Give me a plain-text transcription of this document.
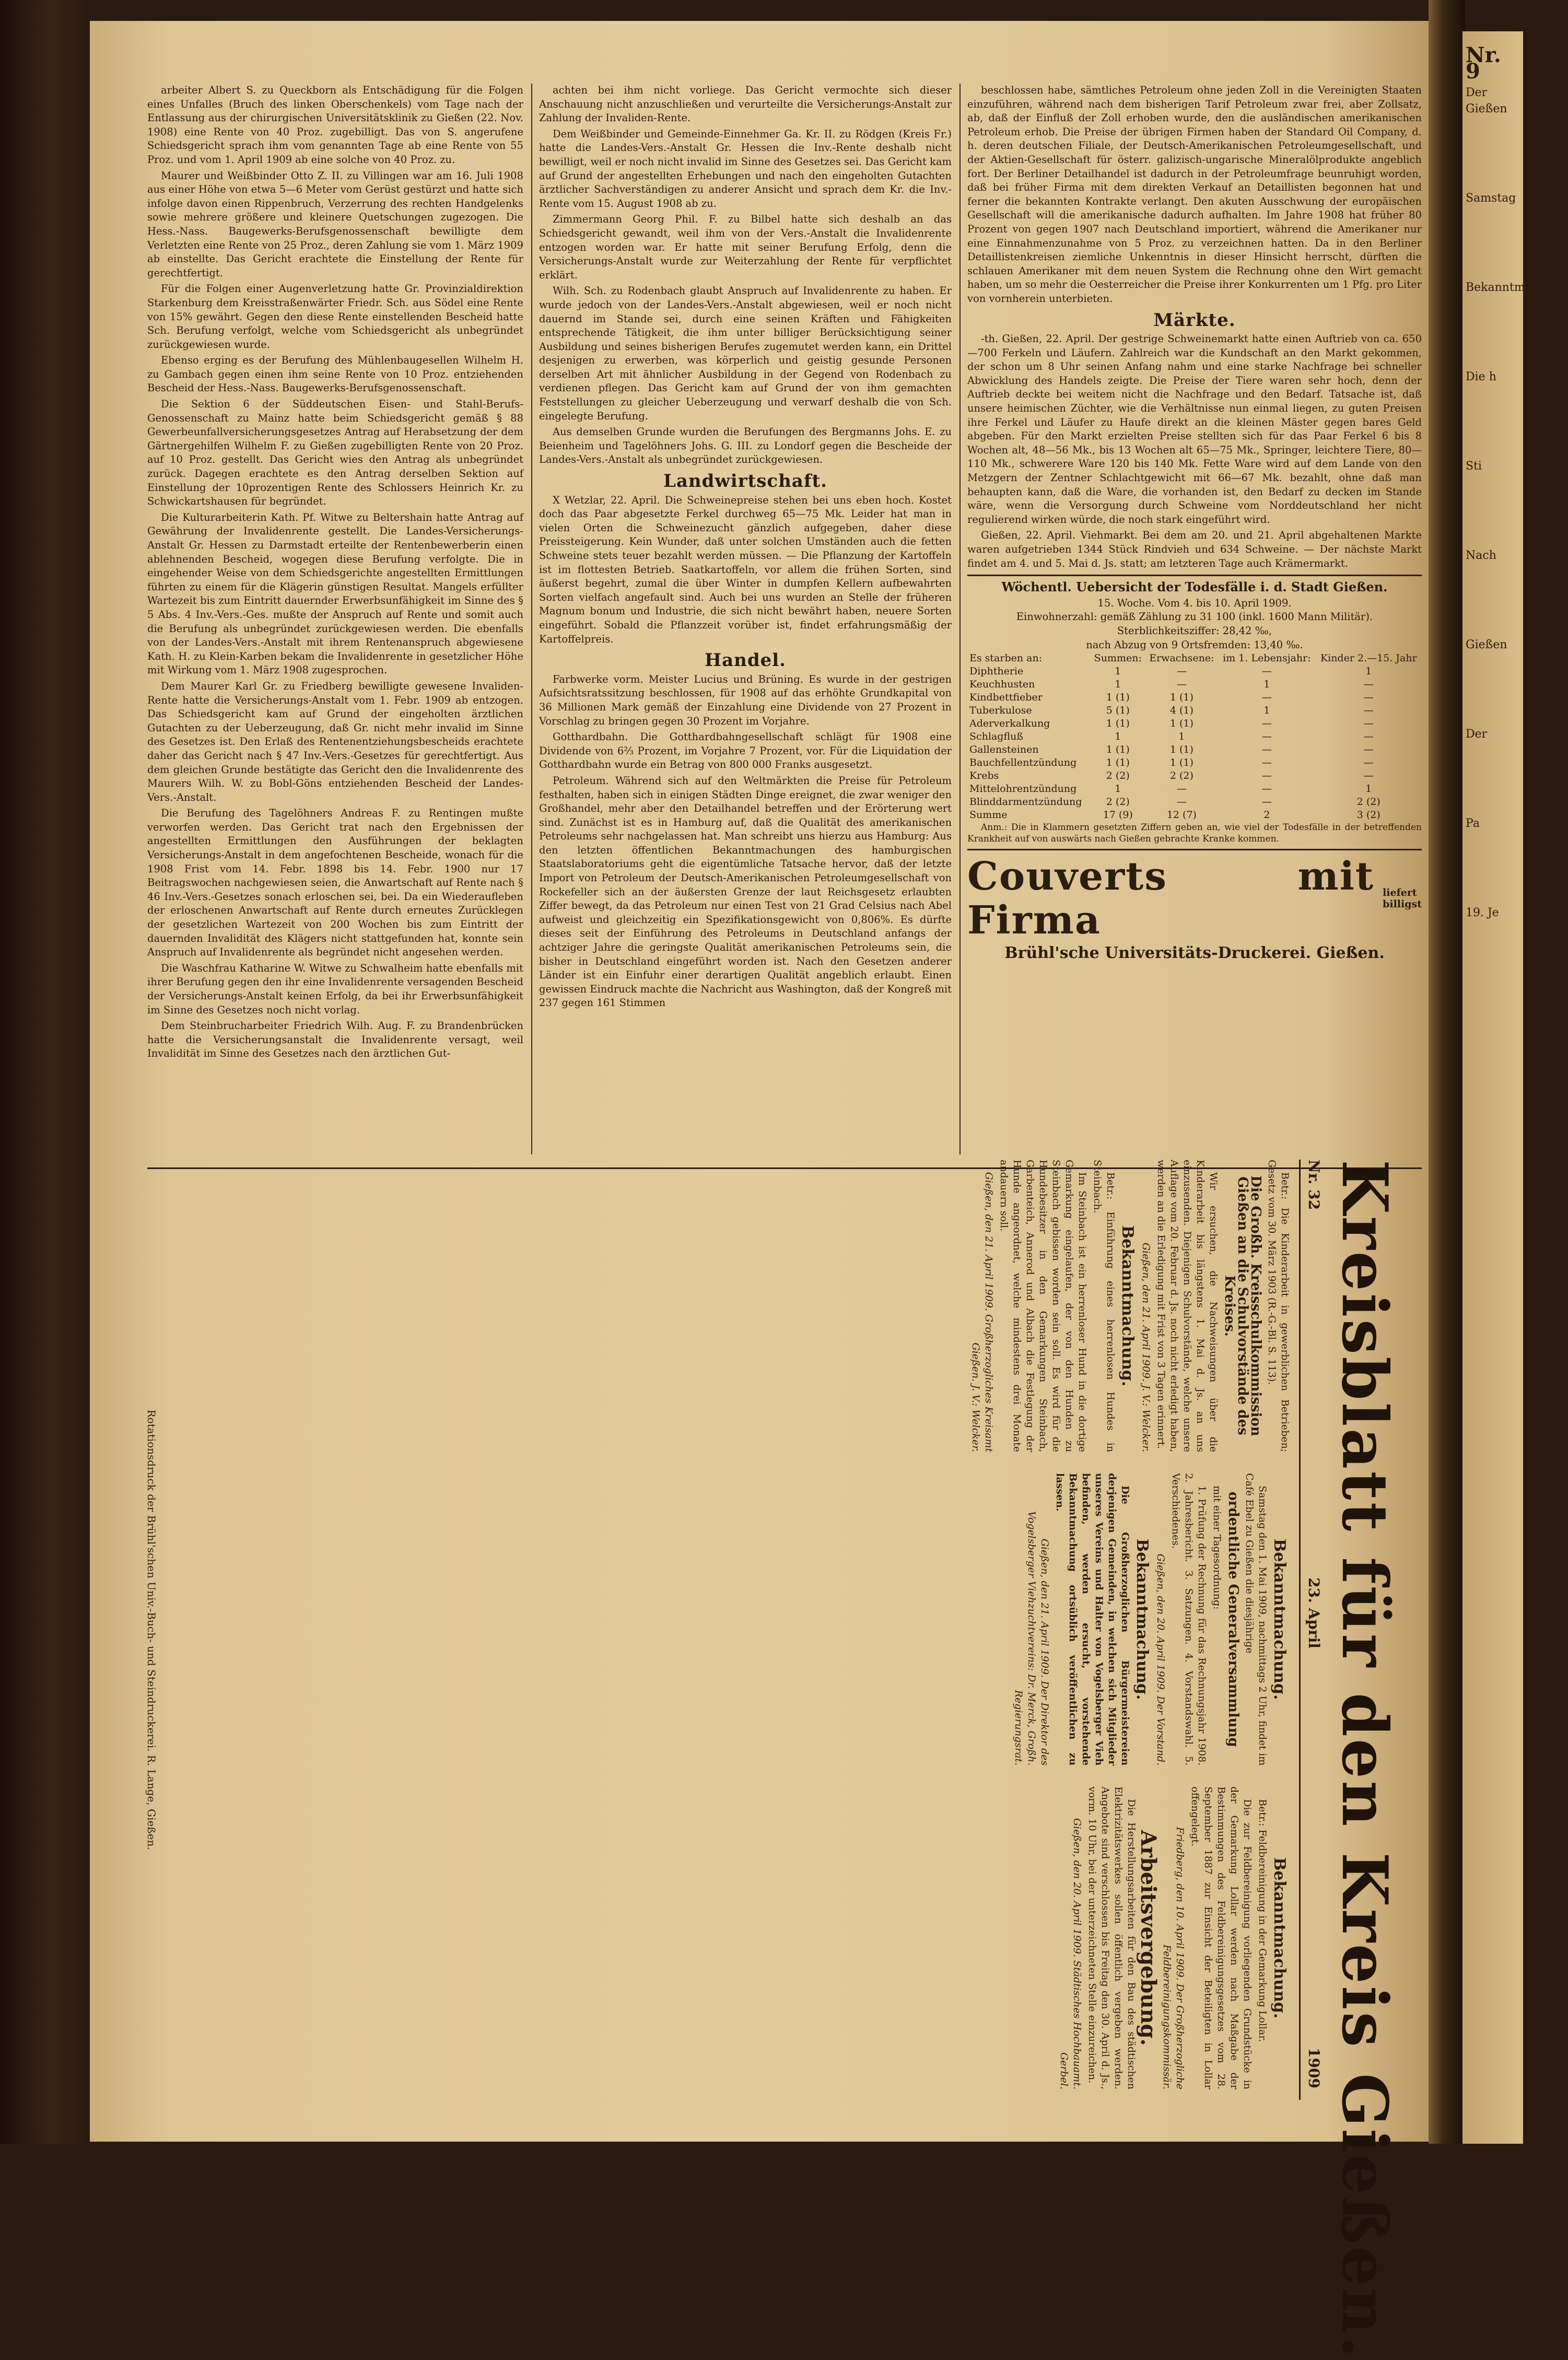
arbeiter Albert S. zu Queckborn als Entschädigung für die Folgen eines Unfalles (Bruch des linken Oberschenkels) vom Tage nach der Entlassung aus der chirurgischen Universitätsklinik zu Gießen (22. Nov. 1908) eine Rente von 40 Proz. zugebilligt. Das von S. angerufene Schiedsgericht sprach ihm vom genannten Tage ab eine Rente von 55 Proz. und vom 1. April 1909 ab eine solche von 40 Proz. zu.

Maurer und Weißbinder Otto Z. II. zu Villingen war am 16. Juli 1908 aus einer Höhe von etwa 5—6 Meter vom Gerüst gestürzt und hatte sich infolge davon einen Rippenbruch, Verzerrung des rechten Handgelenks sowie mehrere größere und kleinere Quetschungen zugezogen. Die Hess.-Nass. Baugewerks-Berufsgenossenschaft bewilligte dem Verletzten eine Rente von 25 Proz., deren Zahlung sie vom 1. März 1909 ab einstellte. Das Gericht erachtete die Einstellung der Rente für gerechtfertigt.

Für die Folgen einer Augenverletzung hatte Gr. Provinzialdirektion Starkenburg dem Kreisstraßenwärter Friedr. Sch. aus Södel eine Rente von 15% gewährt. Gegen den diese Rente einstellenden Bescheid hatte Sch. Berufung verfolgt, welche vom Schiedsgericht als unbegründet zurückgewiesen wurde.

Ebenso erging es der Berufung des Mühlenbaugesellen Wilhelm H. zu Gambach gegen einen ihm seine Rente von 10 Proz. entziehenden Bescheid der Hess.-Nass. Baugewerks-Berufsgenossenschaft.

Die Sektion 6 der Süddeutschen Eisen- und Stahl-Berufs-Genossenschaft zu Mainz hatte beim Schiedsgericht gemäß § 88 Gewerbeunfallversicherungsgesetzes Antrag auf Herabsetzung der dem Gärtnergehilfen Wilhelm F. zu Gießen zugebilligten Rente von 20 Proz. auf 10 Proz. gestellt. Das Gericht wies den Antrag als unbegründet zurück. Dagegen erachtete es den Antrag derselben Sektion auf Einstellung der 10prozentigen Rente des Schlossers Heinrich Kr. zu Schwickartshausen für begründet.

Die Kulturarbeiterin Kath. Pf. Witwe zu Beltershain hatte Antrag auf Gewährung der Invalidenrente gestellt. Die Landes-Versicherungs-Anstalt Gr. Hessen zu Darmstadt erteilte der Rentenbewerberin einen ablehnenden Bescheid, wogegen diese Berufung verfolgte. Die in eingehender Weise von dem Schiedsgerichte angestellten Ermittlungen führten zu einem für die Klägerin günstigen Resultat. Mangels erfüllter Wartezeit bis zum Eintritt dauernder Erwerbsunfähigkeit im Sinne des § 5 Abs. 4 Inv.-Vers.-Ges. mußte der Anspruch auf Rente und somit auch die Berufung als unbegründet zurückgewiesen werden. Die ebenfalls von der Landes-Vers.-Anstalt mit ihrem Rentenanspruch abgewiesene Kath. H. zu Klein-Karben bekam die Invalidenrente in gesetzlicher Höhe mit Wirkung vom 1. März 1908 zugesprochen.

Dem Maurer Karl Gr. zu Friedberg bewilligte gewesene Invaliden-Rente hatte die Versicherungs-Anstalt vom 1. Febr. 1909 ab entzogen. Das Schiedsgericht kam auf Grund der eingeholten ärztlichen Gutachten zu der Ueberzeugung, daß Gr. nicht mehr invalid im Sinne des Gesetzes ist. Den Erlaß des Rentenentziehungsbescheids erachtete daher das Gericht nach § 47 Inv.-Vers.-Gesetzes für gerechtfertigt. Aus dem gleichen Grunde bestätigte das Gericht den die Invalidenrente des Maurers Wilh. W. zu Bobl-Göns entziehenden Bescheid der Landes-Vers.-Anstalt.

Die Berufung des Tagelöhners Andreas F. zu Rentingen mußte verworfen werden. Das Gericht trat nach den Ergebnissen der angestellten Ermittlungen den Ausführungen der beklagten Versicherungs-Anstalt in dem angefochtenen Bescheide, wonach für die 1908 Frist vom 14. Febr. 1898 bis 14. Febr. 1900 nur 17 Beitragswochen nachgewiesen seien, die Anwartschaft auf Rente nach § 46 Inv.-Vers.-Gesetzes sonach erloschen sei, bei. Da ein Wiederaufleben der erloschenen Anwartschaft auf Rente durch erneutes Zurücklegen der gesetzlichen Wartezeit von 200 Wochen bis zum Eintritt der dauernden Invalidität des Klägers nicht stattgefunden hat, konnte sein Anspruch auf Invalidenrente als begründet nicht angesehen werden.

Die Waschfrau Katharine W. Witwe zu Schwalheim hatte ebenfalls mit ihrer Berufung gegen den ihr eine Invalidenrente versagenden Bescheid der Versicherungs-Anstalt keinen Erfolg, da bei ihr Erwerbsunfähigkeit im Sinne des Gesetzes noch nicht vorlag.

Dem Steinbrucharbeiter Friedrich Wilh. Aug. F. zu Brandenbrücken hatte die Versicherungsanstalt die Invalidenrente versagt, weil Invalidität im Sinne des Gesetzes nach den ärztlichen Gut-

achten bei ihm nicht vorliege. Das Gericht vermochte sich dieser Anschauung nicht anzuschließen und verurteilte die Versicherungs-Anstalt zur Zahlung der Invaliden-Rente.

Dem Weißbinder und Gemeinde-Einnehmer Ga. Kr. II. zu Rödgen (Kreis Fr.) hatte die Landes-Vers.-Anstalt Gr. Hessen die Inv.-Rente deshalb nicht bewilligt, weil er noch nicht invalid im Sinne des Gesetzes sei. Das Gericht kam auf Grund der angestellten Erhebungen und nach den eingeholten Gutachten ärztlicher Sachverständigen zu anderer Ansicht und sprach dem Kr. die Inv.-Rente vom 15. August 1908 ab zu.

Zimmermann Georg Phil. F. zu Bilbel hatte sich deshalb an das Schiedsgericht gewandt, weil ihm von der Vers.-Anstalt die Invalidenrente entzogen worden war. Er hatte mit seiner Berufung Erfolg, denn die Versicherungs-Anstalt wurde zur Weiterzahlung der Rente für verpflichtet erklärt.

Wilh. Sch. zu Rodenbach glaubt Anspruch auf Invalidenrente zu haben. Er wurde jedoch von der Landes-Vers.-Anstalt abgewiesen, weil er noch nicht dauernd im Stande sei, durch eine seinen Kräften und Fähigkeiten entsprechende Tätigkeit, die ihm unter billiger Berücksichtigung seiner Ausbildung und seines bisherigen Berufes zugemutet werden kann, ein Drittel desjenigen zu erwerben, was körperlich und geistig gesunde Personen derselben Art mit ähnlicher Ausbildung in der Gegend von Rodenbach zu verdienen pflegen. Das Gericht kam auf Grund der von ihm gemachten Feststellungen zu gleicher Ueberzeugung und verwarf deshalb die von Sch. eingelegte Berufung.

Aus demselben Grunde wurden die Berufungen des Bergmanns Johs. E. zu Beienheim und Tagelöhners Johs. G. III. zu Londorf gegen die Bescheide der Landes-Vers.-Anstalt als unbegründet zurückgewiesen.

Landwirtschaft.

X Wetzlar, 22. April. Die Schweinepreise stehen bei uns eben hoch. Kostet doch das Paar abgesetzte Ferkel durchweg 65—75 Mk. Leider hat man in vielen Orten die Schweinezucht gänzlich aufgegeben, daher diese Preissteigerung. Kein Wunder, daß unter solchen Umständen auch die fetten Schweine stets teuer bezahlt werden müssen. — Die Pflanzung der Kartoffeln ist im flottesten Betrieb. Saatkartoffeln, vor allem die frühen Sorten, sind äußerst begehrt, zumal die über Winter in dumpfen Kellern aufbewahrten Sorten vielfach angefault sind. Auch bei uns wurden an Stelle der früheren Magnum bonum und Industrie, die sich nicht bewährt haben, neuere Sorten eingeführt. Sobald die Pflanzzeit vorüber ist, findet erfahrungsmäßig der Kartoffelpreis.

Handel.

Farbwerke vorm. Meister Lucius und Brüning. Es wurde in der gestrigen Aufsichtsratssitzung beschlossen, für 1908 auf das erhöhte Grundkapital von 36 Millionen Mark gemäß der Einzahlung eine Dividende von 27 Prozent in Vorschlag zu bringen gegen 30 Prozent im Vorjahre.

Gotthardbahn. Die Gotthardbahngesellschaft schlägt für 1908 eine Dividende von 6⅔ Prozent, im Vorjahre 7 Prozent, vor. Für die Liquidation der Gotthardbahn wurde ein Betrag von 800 000 Franks ausgesetzt.

Petroleum. Während sich auf den Weltmärkten die Preise für Petroleum festhalten, haben sich in einigen Städten Dinge ereignet, die zwar weniger den Großhandel, mehr aber den Detailhandel betreffen und der Erörterung wert sind. Zunächst ist es in Hamburg auf, daß die Qualität des amerikanischen Petroleums sehr nachgelassen hat. Man schreibt uns hierzu aus Hamburg: Aus den letzten öffentlichen Bekanntmachungen des hamburgischen Staatslaboratoriums geht die eigentümliche Tatsache hervor, daß der letzte Import von Petroleum der Deutsch-Amerikanischen Petroleumgesellschaft von Rockefeller sich an der äußersten Grenze der laut Reichsgesetz erlaubten Ziffer bewegt, da das Petroleum nur einen Test von 21 Grad Celsius nach Abel aufweist und gleichzeitig ein Spezifikationsgewicht von 0,806%. Es dürfte dieses seit der Einführung des Petroleums in Deutschland anfangs der achtziger Jahre die geringste Qualität amerikanischen Petroleums sein, die bisher in Deutschland eingeführt worden ist. Nach den Gesetzen anderer Länder ist ein Einfuhr einer derartigen Qualität angeblich erlaubt. Einen gewissen Eindruck machte die Nachricht aus Washington, daß der Kongreß mit 237 gegen 161 Stimmen

beschlossen habe, sämtliches Petroleum ohne jeden Zoll in die Vereinigten Staaten einzuführen, während nach dem bisherigen Tarif Petroleum zwar frei, aber Zollsatz, ab, daß der Einfluß der Zoll erhoben wurde, den die ausländischen amerikanischen Petroleum erhob. Die Preise der übrigen Firmen haben der Standard Oil Company, d. h. deren deutschen Filiale, der Deutsch-Amerikanischen Petroleumgesellschaft, und der Aktien-Gesellschaft für österr. galizisch-ungarische Mineralölprodukte angeblich fort. Der Berliner Detailhandel ist dadurch in der Petroleumfrage beunruhigt worden, daß bei früher Firma mit dem direkten Verkauf an Detaillisten begonnen hat und ferner die bekannten Kontrakte verlangt. Den akuten Ausschwung der europäischen Gesellschaft will die amerikanische dadurch aufhalten. Im Jahre 1908 hat früher 80 Prozent von gegen 1907 nach Deutschland importiert, während die Amerikaner nur eine Einnahmenzunahme von 5 Proz. zu verzeichnen hatten. Da in den Berliner Detaillistenkreisen ziemliche Unkenntnis in dieser Hinsicht herrscht, dürften die schlauen Amerikaner mit dem neuen System die Rechnung ohne den Wirt gemacht haben, um so mehr die Oesterreicher die Preise ihrer Konkurrenten um 1 Pfg. pro Liter von vornherein unterbieten.

Märkte.

-th. Gießen, 22. April. Der gestrige Schweinemarkt hatte einen Auftrieb von ca. 650—700 Ferkeln und Läufern. Zahlreich war die Kundschaft an den Markt gekommen, der schon um 8 Uhr seinen Anfang nahm und eine starke Nachfrage bei schneller Abwicklung des Handels zeigte. Die Preise der Tiere waren sehr hoch, denn der Auftrieb deckte bei weitem nicht die Nachfrage und den Bedarf. Tatsache ist, daß unsere heimischen Züchter, wie die Verhältnisse nun einmal liegen, zu guten Preisen ihre Ferkel und Läufer zu Haufe direkt an die kleinen Mäster gegen bares Geld abgeben. Für den Markt erzielten Preise stellten sich für das Paar Ferkel 6 bis 8 Wochen alt, 48—56 Mk., bis 13 Wochen alt 65—75 Mk., Springer, leichtere Tiere, 80—110 Mk., schwerere Ware 120 bis 140 Mk. Fette Ware wird auf dem Lande von den Metzgern der Zentner Schlachtgewicht mit 66—67 Mk. bezahlt, ohne daß man behaupten kann, daß die Ware, die vorhanden ist, den Bedarf zu decken im Stande wäre, wenn die Versorgung durch Schweine vom Norddeutschland her nicht regulierend wirken würde, die noch stark eingeführt wird.

Gießen, 22. April. Viehmarkt. Bei dem am 20. und 21. April abgehaltenen Markte waren aufgetrieben 1344 Stück Rindvieh und 634 Schweine. — Der nächste Markt findet am 4. und 5. Mai d. Js. statt; am letzteren Tage auch Krämermarkt.

Wöchentl. Uebersicht der Todesfälle i. d. Stadt Gießen.
15. Woche. Vom 4. bis 10. April 1909.
Einwohnerzahl: gemäß Zählung zu 31 100 (inkl. 1600 Mann Militär).
Sterblichkeitsziffer: 28,42 ‰,
nach Abzug von 9 Ortsfremden: 13,40 ‰.
Es starben an:	Summen:	Erwachsene:	im 1. Lebensjahr:	Kinder 2.—15. Jahr
Diphtherie	1	—	—	1
Keuchhusten	1	—	1	—
Kindbettfieber	1 (1)	1 (1)	—	—
Tuberkulose	5 (1)	4 (1)	1	—
Aderverkalkung	1 (1)	1 (1)	—	—
Schlagfluß	1	1	—	—
Gallensteinen	1 (1)	1 (1)	—	—
Bauchfellentzündung	1 (1)	1 (1)	—	—
Krebs	2 (2)	2 (2)	—	—
Mittelohrentzündung	1	—	—	1
Blinddarmentzündung	2 (2)	—	—	2 (2)
Summe	17 (9)	12 (7)	2	3 (2)

Anm.: Die in Klammern gesetzten Ziffern geben an, wie viel der Todesfälle in der betreffenden Krankheit auf von auswärts nach Gießen gebrachte Kranke kommen.

Couverts mit Firma
liefert
billigst
Brühl'sche Universitäts-Druckerei. Gießen.
Kreisblatt für den Kreis Gießen.
Nr. 32
23. April
1909

Betr.: Die Kinderarbeit in gewerblichen Betrieben; Gesetz vom 30. März 1903 (R.-G.-Bl. S. 113).

Die Großh. Kreisschulkommission Gießen an die Schulvorstände des Kreises.

Wir ersuchen, die Nachweisungen über die Kinderarbeit bis längstens 1. Mai d. Js. an uns einzusenden. Diejenigen Schulvorstände, welche unsere Auflage vom 20. Februar d. Js. noch nicht erledigt haben, werden an die Erledigung mit Frist von 3 Tagen erinnert.

Gießen, den 21. April 1909. J. V.: Welcker.

Bekanntmachung.

Betr.: Einführung eines herrenlosen Hundes in Steinbach.

Im Steinbach ist ein herrenloser Hund in die dortige Gemarkung eingelaufen, der von den Hunden zu Steinbach gebissen worden sein soll. Es wird für die Hundebesitzer in den Gemarkungen Steinbach, Garbenteich, Annerod und Albach die Festlegung der Hunde angeordnet, welche mindestens drei Monate andauern soll.

Gießen, den 21. April 1909. Großherzogliches Kreisamt Gießen. J. V.: Welcker.

Bekanntmachung.

Samstag den 1. Mai 1909, nachmittags 2 Uhr, findet im Café Ebel zu Gießen die diesjährige

ordentliche Generalversammlung

mit einer Tagesordnung:

1. Prüfung der Rechnung für das Rechnungsjahr 1908. 2. Jahresbericht. 3. Satzungen. 4. Vorstandswahl. 5. Verschiedenes.

Gießen, den 20. April 1909. Der Vorstand.

Bekanntmachung.

Die Großherzoglichen Bürgermeistereien derjenigen Gemeinden, in welchen sich Mitglieder unseres Vereins und Halter von Vogelsberger Vieh befinden, werden ersucht, vorstehende Bekanntmachung ortsüblich veröffentlichen zu lassen.

Gießen, den 21. April 1909. Der Direktor des Vogelsberger Viehzuchtvereins: Dr. Merck, Großh. Regierungsrat.

Bekanntmachung.

Betr.: Feldbereinigung in der Gemarkung Lollar.

Die zur Feldbereinigung vorliegenden Grundstücke in der Gemarkung Lollar werden nach Maßgabe der Bestimmungen des Feldbereinigungsgesetzes vom 28. September 1887 zur Einsicht der Beteiligten in Lollar offengelegt.

Friedberg, den 10. April 1909. Der Großherzogliche Feldbereinigungskommissär.

Arbeitsvergebung.

Die Herstellungsarbeiten für den Bau des städtischen Elektrizitätswerkes sollen öffentlich vergeben werden. Angebote sind verschlossen bis Freitag den 30. April d. Js., vorm. 10 Uhr, bei der unterzeichneten Stelle einzureichen.

Gießen, den 20. April 1909. Städtisches Hochbauamt. Gerbel.

Rotationsdruck der Brühl'schen Univ.-Buch- und Steindruckerei. R. Lange, Gießen.
Nr. 9
Der Gießen
Samstag
Bekanntmachung
Die h
Sti
Nach
Gießen
Der
Pa
19. Je
